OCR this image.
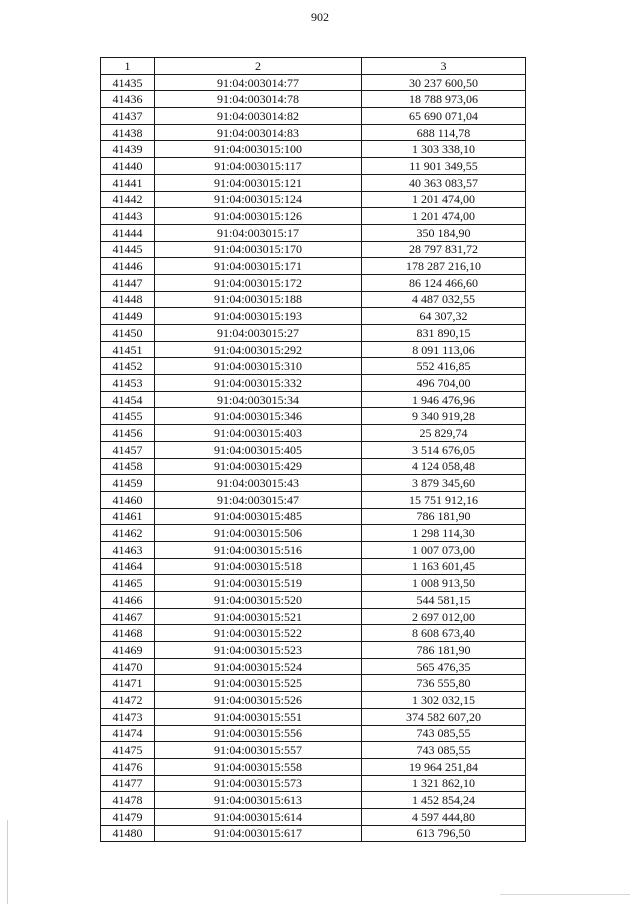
902
1	2	3
41435	91:04:003014:77	30 237 600,50
41436	91:04:003014:78	18 788 973,06
41437	91:04:003014:82	65 690 071,04
41438	91:04:003014:83	688 114,78
41439	91:04:003015:100	1 303 338,10
41440	91:04:003015:117	11 901 349,55
41441	91:04:003015:121	40 363 083,57
41442	91:04:003015:124	1 201 474,00
41443	91:04:003015:126	1 201 474,00
41444	91:04:003015:17	350 184,90
41445	91:04:003015:170	28 797 831,72
41446	91:04:003015:171	178 287 216,10
41447	91:04:003015:172	86 124 466,60
41448	91:04:003015:188	4 487 032,55
41449	91:04:003015:193	64 307,32
41450	91:04:003015:27	831 890,15
41451	91:04:003015:292	8 091 113,06
41452	91:04:003015:310	552 416,85
41453	91:04:003015:332	496 704,00
41454	91:04:003015:34	1 946 476,96
41455	91:04:003015:346	9 340 919,28
41456	91:04:003015:403	25 829,74
41457	91:04:003015:405	3 514 676,05
41458	91:04:003015:429	4 124 058,48
41459	91:04:003015:43	3 879 345,60
41460	91:04:003015:47	15 751 912,16
41461	91:04:003015:485	786 181,90
41462	91:04:003015:506	1 298 114,30
41463	91:04:003015:516	1 007 073,00
41464	91:04:003015:518	1 163 601,45
41465	91:04:003015:519	1 008 913,50
41466	91:04:003015:520	544 581,15
41467	91:04:003015:521	2 697 012,00
41468	91:04:003015:522	8 608 673,40
41469	91:04:003015:523	786 181,90
41470	91:04:003015:524	565 476,35
41471	91:04:003015:525	736 555,80
41472	91:04:003015:526	1 302 032,15
41473	91:04:003015:551	374 582 607,20
41474	91:04:003015:556	743 085,55
41475	91:04:003015:557	743 085,55
41476	91:04:003015:558	19 964 251,84
41477	91:04:003015:573	1 321 862,10
41478	91:04:003015:613	1 452 854,24
41479	91:04:003015:614	4 597 444,80
41480	91:04:003015:617	613 796,50
